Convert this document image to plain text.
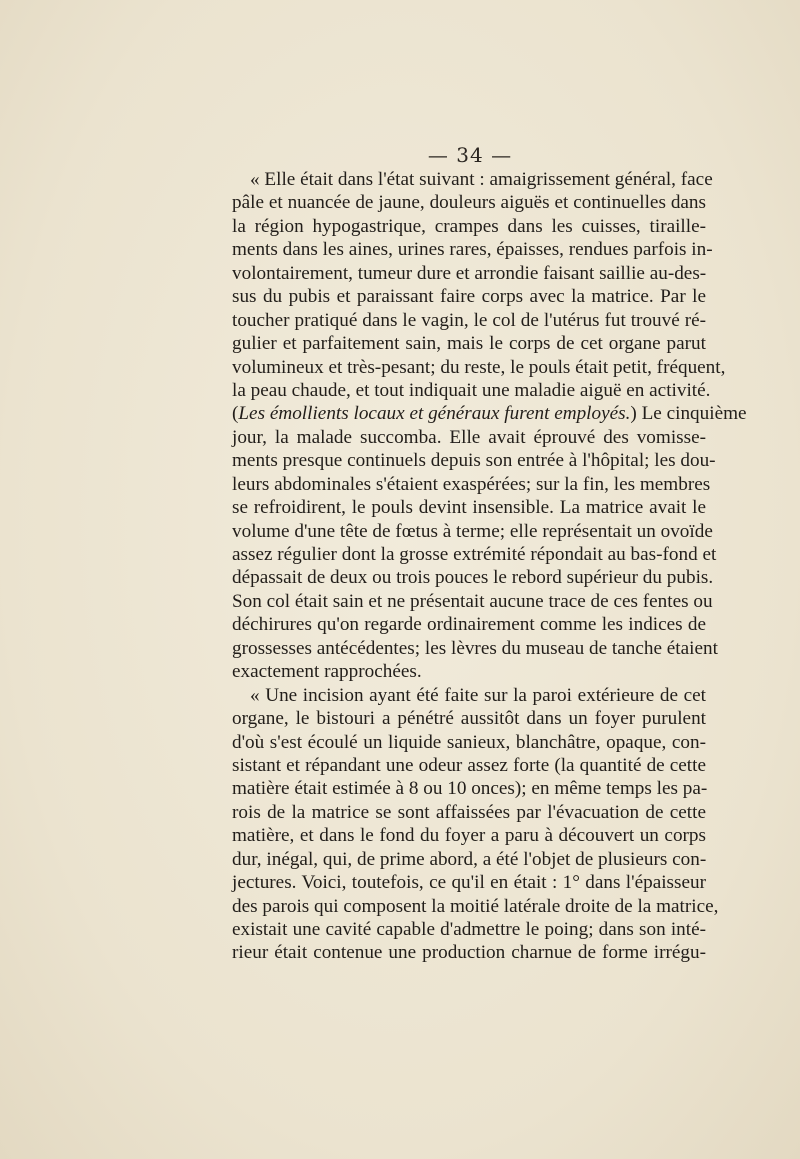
— 34 —
« Elle était dans l'état suivant : amaigrissement général, face
pâle et nuancée de jaune, douleurs aiguës et continuelles dans
la région hypogastrique, crampes dans les cuisses, tiraille-
ments dans les aines, urines rares, épaisses, rendues parfois in-
volontairement, tumeur dure et arrondie faisant saillie au-des-
sus du pubis et paraissant faire corps avec la matrice. Par le
toucher pratiqué dans le vagin, le col de l'utérus fut trouvé ré-
gulier et parfaitement sain, mais le corps de cet organe parut
volumineux et très-pesant; du reste, le pouls était petit, fréquent,
la peau chaude, et tout indiquait une maladie aiguë en activité.
(Les émollients locaux et généraux furent employés.) Le cinquième
jour, la malade succomba. Elle avait éprouvé des vomisse-
ments presque continuels depuis son entrée à l'hôpital; les dou-
leurs abdominales s'étaient exaspérées; sur la fin, les membres
se refroidirent, le pouls devint insensible. La matrice avait le
volume d'une tête de fœtus à terme; elle représentait un ovoïde
assez régulier dont la grosse extrémité répondait au bas-fond et
dépassait de deux ou trois pouces le rebord supérieur du pubis.
Son col était sain et ne présentait aucune trace de ces fentes ou
déchirures qu'on regarde ordinairement comme les indices de
grossesses antécédentes; les lèvres du museau de tanche étaient
exactement rapprochées.
« Une incision ayant été faite sur la paroi extérieure de cet
organe, le bistouri a pénétré aussitôt dans un foyer purulent
d'où s'est écoulé un liquide sanieux, blanchâtre, opaque, con-
sistant et répandant une odeur assez forte (la quantité de cette
matière était estimée à 8 ou 10 onces); en même temps les pa-
rois de la matrice se sont affaissées par l'évacuation de cette
matière, et dans le fond du foyer a paru à découvert un corps
dur, inégal, qui, de prime abord, a été l'objet de plusieurs con-
jectures. Voici, toutefois, ce qu'il en était : 1° dans l'épaisseur
des parois qui composent la moitié latérale droite de la matrice,
existait une cavité capable d'admettre le poing; dans son inté-
rieur était contenue une production charnue de forme irrégu-
